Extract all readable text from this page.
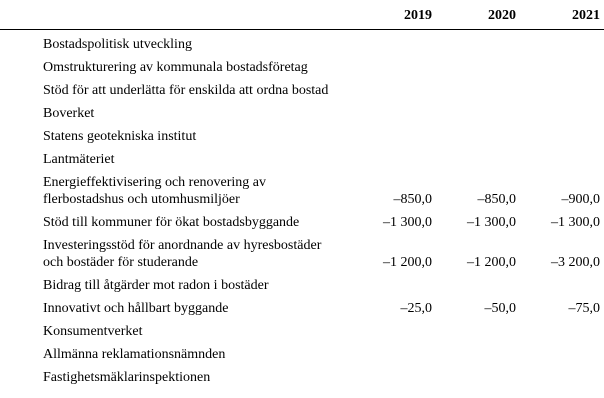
	2019	2020	2021

Bostadspolitisk utveckling			

Omstrukturering av kommunala bostadsföretag			

Stöd för att underlätta för enskilda att ordna bostad			

Boverket			

Statens geotekniska institut			

Lantmäteriet			

Energieffektivisering och renovering av
flerbostadshus och utomhusmiljöer	–850,0	–850,0	–900,0

Stöd till kommuner för ökat bostadsbyggande	–1 300,0	–1 300,0	–1 300,0

Investeringsstöd för anordnande av hyresbostäder
och bostäder för studerande	–1 200,0	–1 200,0	–3 200,0

Bidrag till åtgärder mot radon i bostäder			

Innovativt och hållbart byggande	–25,0	–50,0	–75,0

Konsumentverket			

Allmänna reklamationsnämnden			

Fastighetsmäklarinspektionen			
